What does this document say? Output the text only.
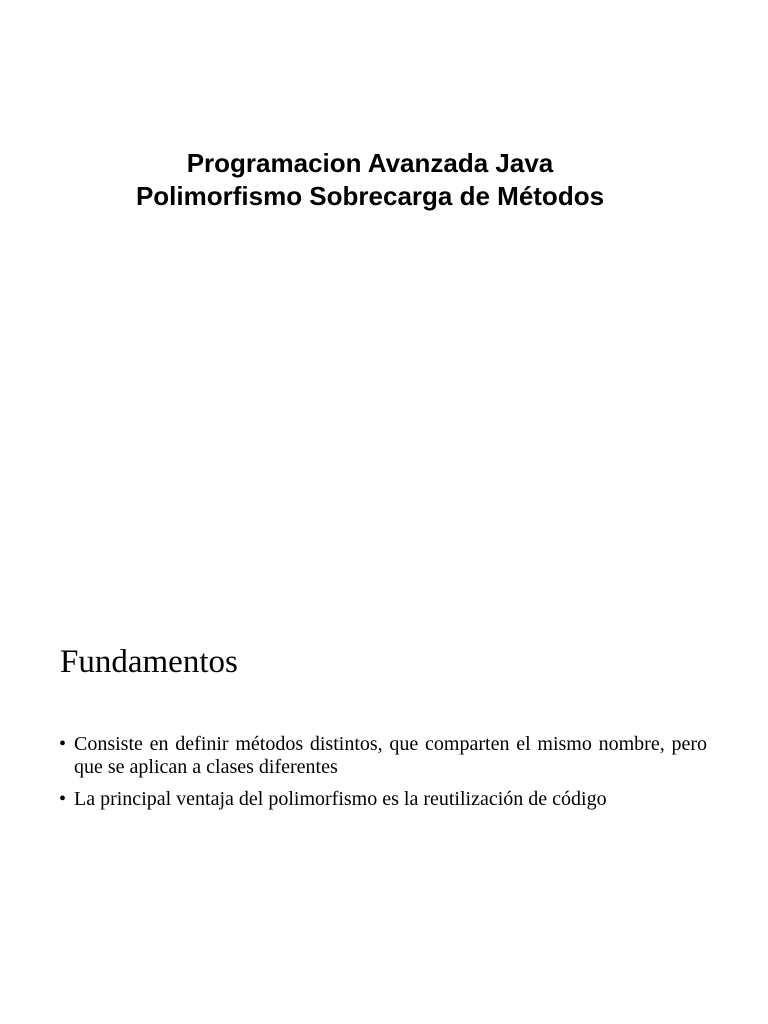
Programacion Avanzada Java
Polimorfismo Sobrecarga de Métodos
Fundamentos
• Consiste en definir métodos distintos, que comparten el mismo nombre, pero que se aplican a clases diferentes
• La principal ventaja del polimorfismo es la reutilización de código
